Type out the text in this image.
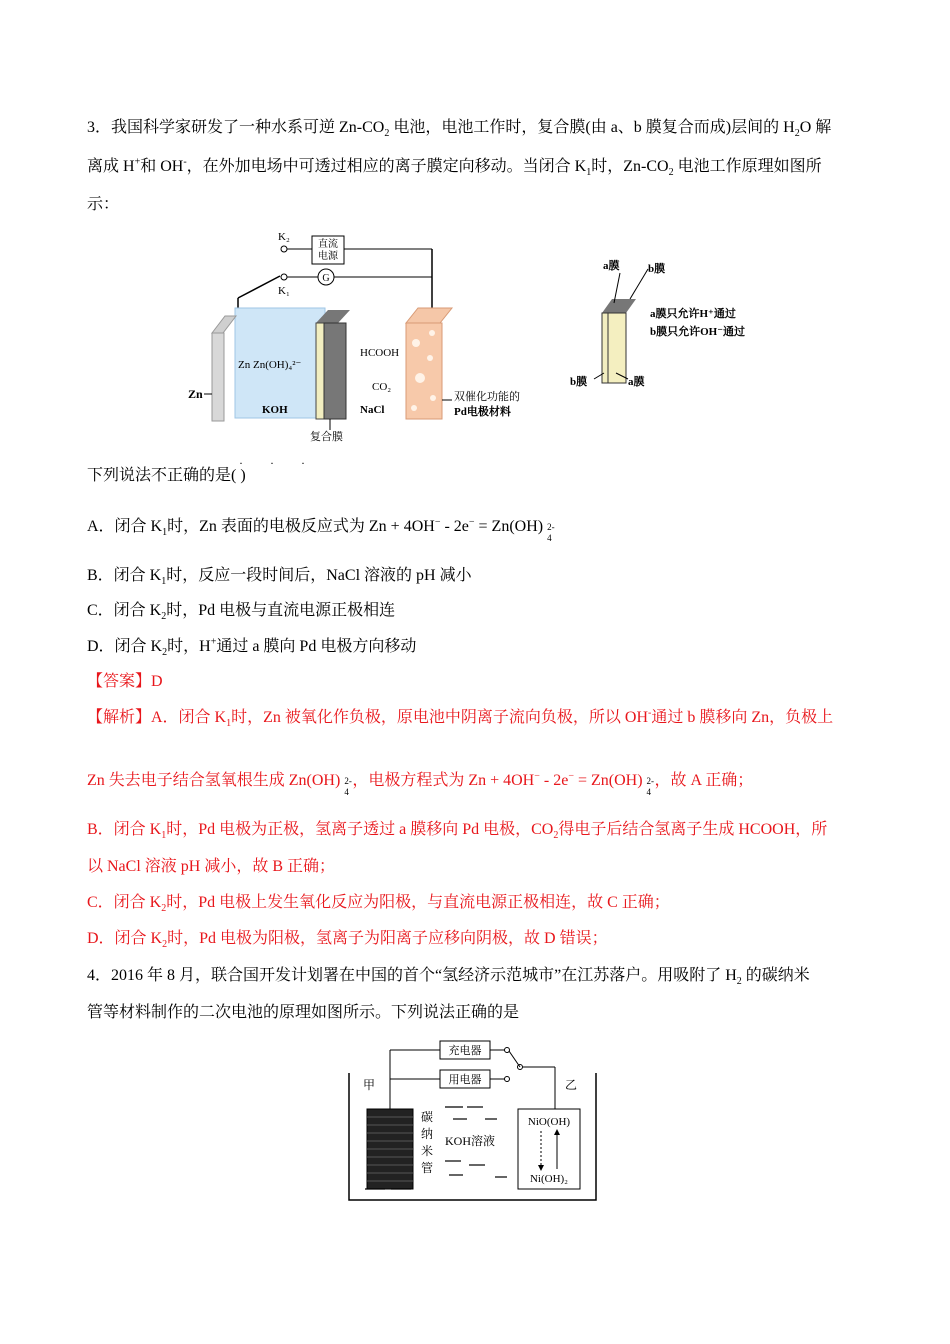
3．我国科学家研发了一种水系可逆 $Zn-CO_2$ 电池，电池工作时，复合膜(由 a、b 膜复合而成)层间的 $H_2O$ 解
离成 H+和 OH-，在外加电场中可透过相应的离子膜定向移动。当闭合 $K_1$时，$Zn-CO_2$ 电池工作原理如图所
示：
直流
电源
G
K₂
K₁
Zn
Zn Zn(OH)₄²⁻
KOH
复合膜
HCOOH
CO₂
NaCl
双催化功能的
Pd电极材料
a膜	b膜
a膜只允许H⁺通过
b膜只允许OH⁻通过
b膜	a膜
· · ·
下列说法不正确的是( )
A．闭合 $K_1$时，Zn 表面的电极反应式为 Zn + 4OH− - 2e− = Zn(OH) 2-
4
B．闭合 $K_1$时，反应一段时间后，NaCl 溶液的 pH 减小
C．闭合 $K_2$时，Pd 电极与直流电源正极相连
D．闭合 $K_2$时，H+通过 a 膜向 Pd 电极方向移动
【答案】D
【解析】A．闭合 $K_1$时，Zn 被氧化作负极，原电池中阴离子流向负极，所以 OH-通过 b 膜移向 Zn，负极上
Zn 失去电子结合氢氧根生成 Zn(OH) 2-
4
，电极方程式为 Zn + 4OH− - 2e− = Zn(OH) 2-
4
，故 A 正确；
B．闭合 $K_1$时，Pd 电极为正极，氢离子透过 a 膜移向 Pd 电极，$CO_2$得电子后结合氢离子生成 HCOOH，所
以 NaCl 溶液 pH 减小，故 B 正确；
C．闭合 $K_2$时，Pd 电极上发生氧化反应为阳极，与直流电源正极相连，故 C 正确；
D．闭合 $K_2$时，Pd 电极为阳极，氢离子为阳离子应移向阴极，故 D 错误；
4．2016 年 8 月，联合国开发计划署在中国的首个“氢经济示范城市”在江苏落户。用吸附了 $H_2$ 的碳纳米
管等材料制作的二次电池的原理如图所示。下列说法正确的是
甲	乙
充电器
用电器
碳
纳
米
管
KOH溶液
NiO(OH)
Ni(OH)₂
